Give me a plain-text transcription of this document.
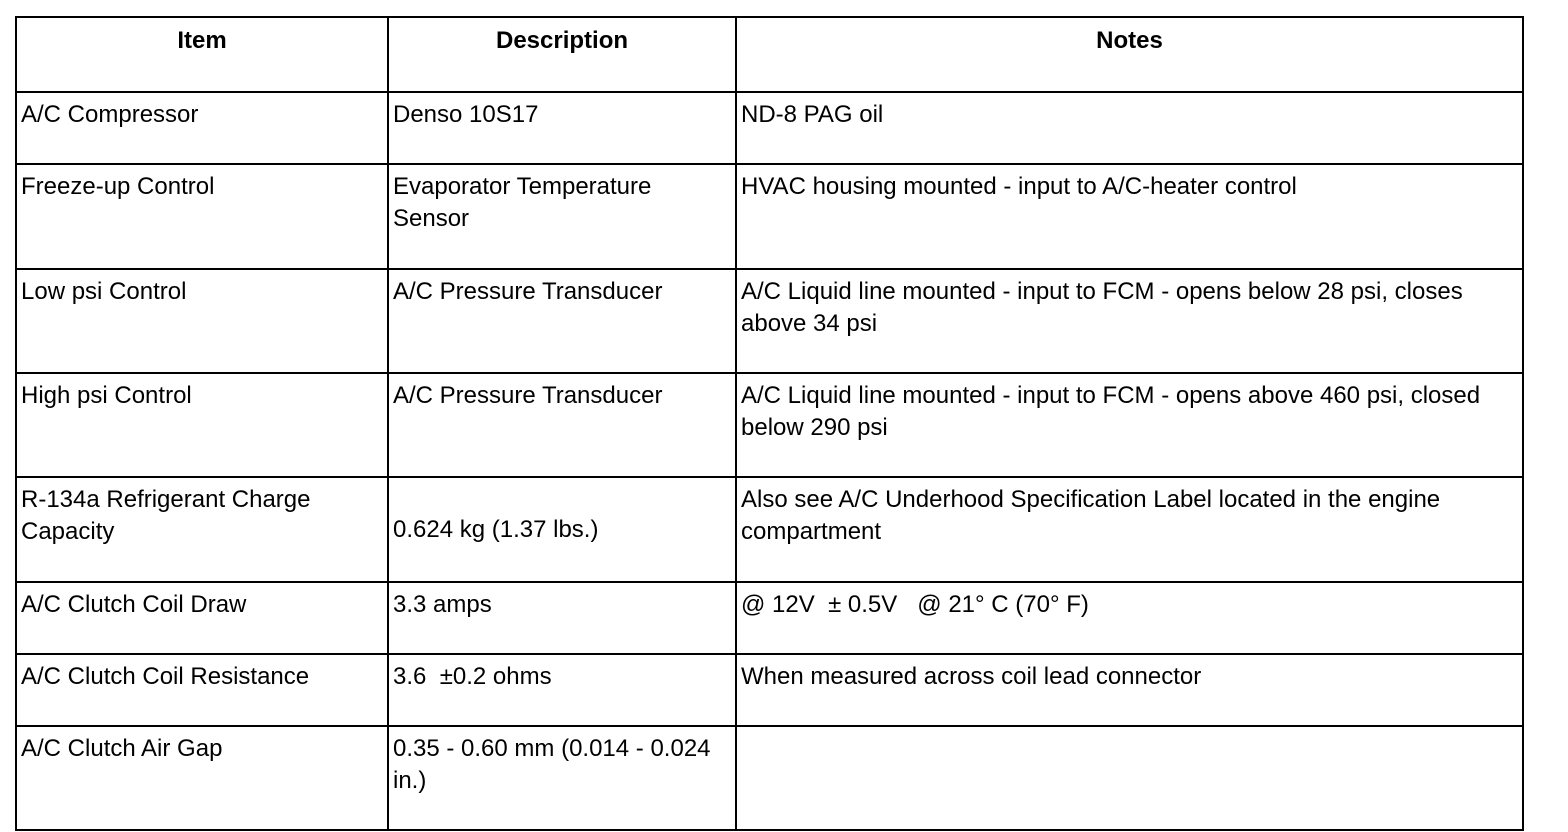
Item	Description	Notes
A/C Compressor	Denso 10S17	ND-8 PAG oil
Freeze-up Control	Evaporator Temperature Sensor	HVAC housing mounted - input to A/C-heater control
Low psi Control	A/C Pressure Transducer	A/C Liquid line mounted - input to FCM - opens below 28 psi, closes above 34 psi
High psi Control	A/C Pressure Transducer	A/C Liquid line mounted - input to FCM - opens above 460 psi, closed below 290 psi
R-134a Refrigerant Charge Capacity	0.624 kg (1.37 lbs.)	Also see A/C Underhood Specification Label located in the engine compartment
A/C Clutch Coil Draw	3.3 amps	@ 12V  ± 0.5V   @ 21° C (70° F)
A/C Clutch Coil Resistance	3.6  ±0.2 ohms	When measured across coil lead connector
A/C Clutch Air Gap	0.35 - 0.60 mm (0.014 - 0.024 in.)	
